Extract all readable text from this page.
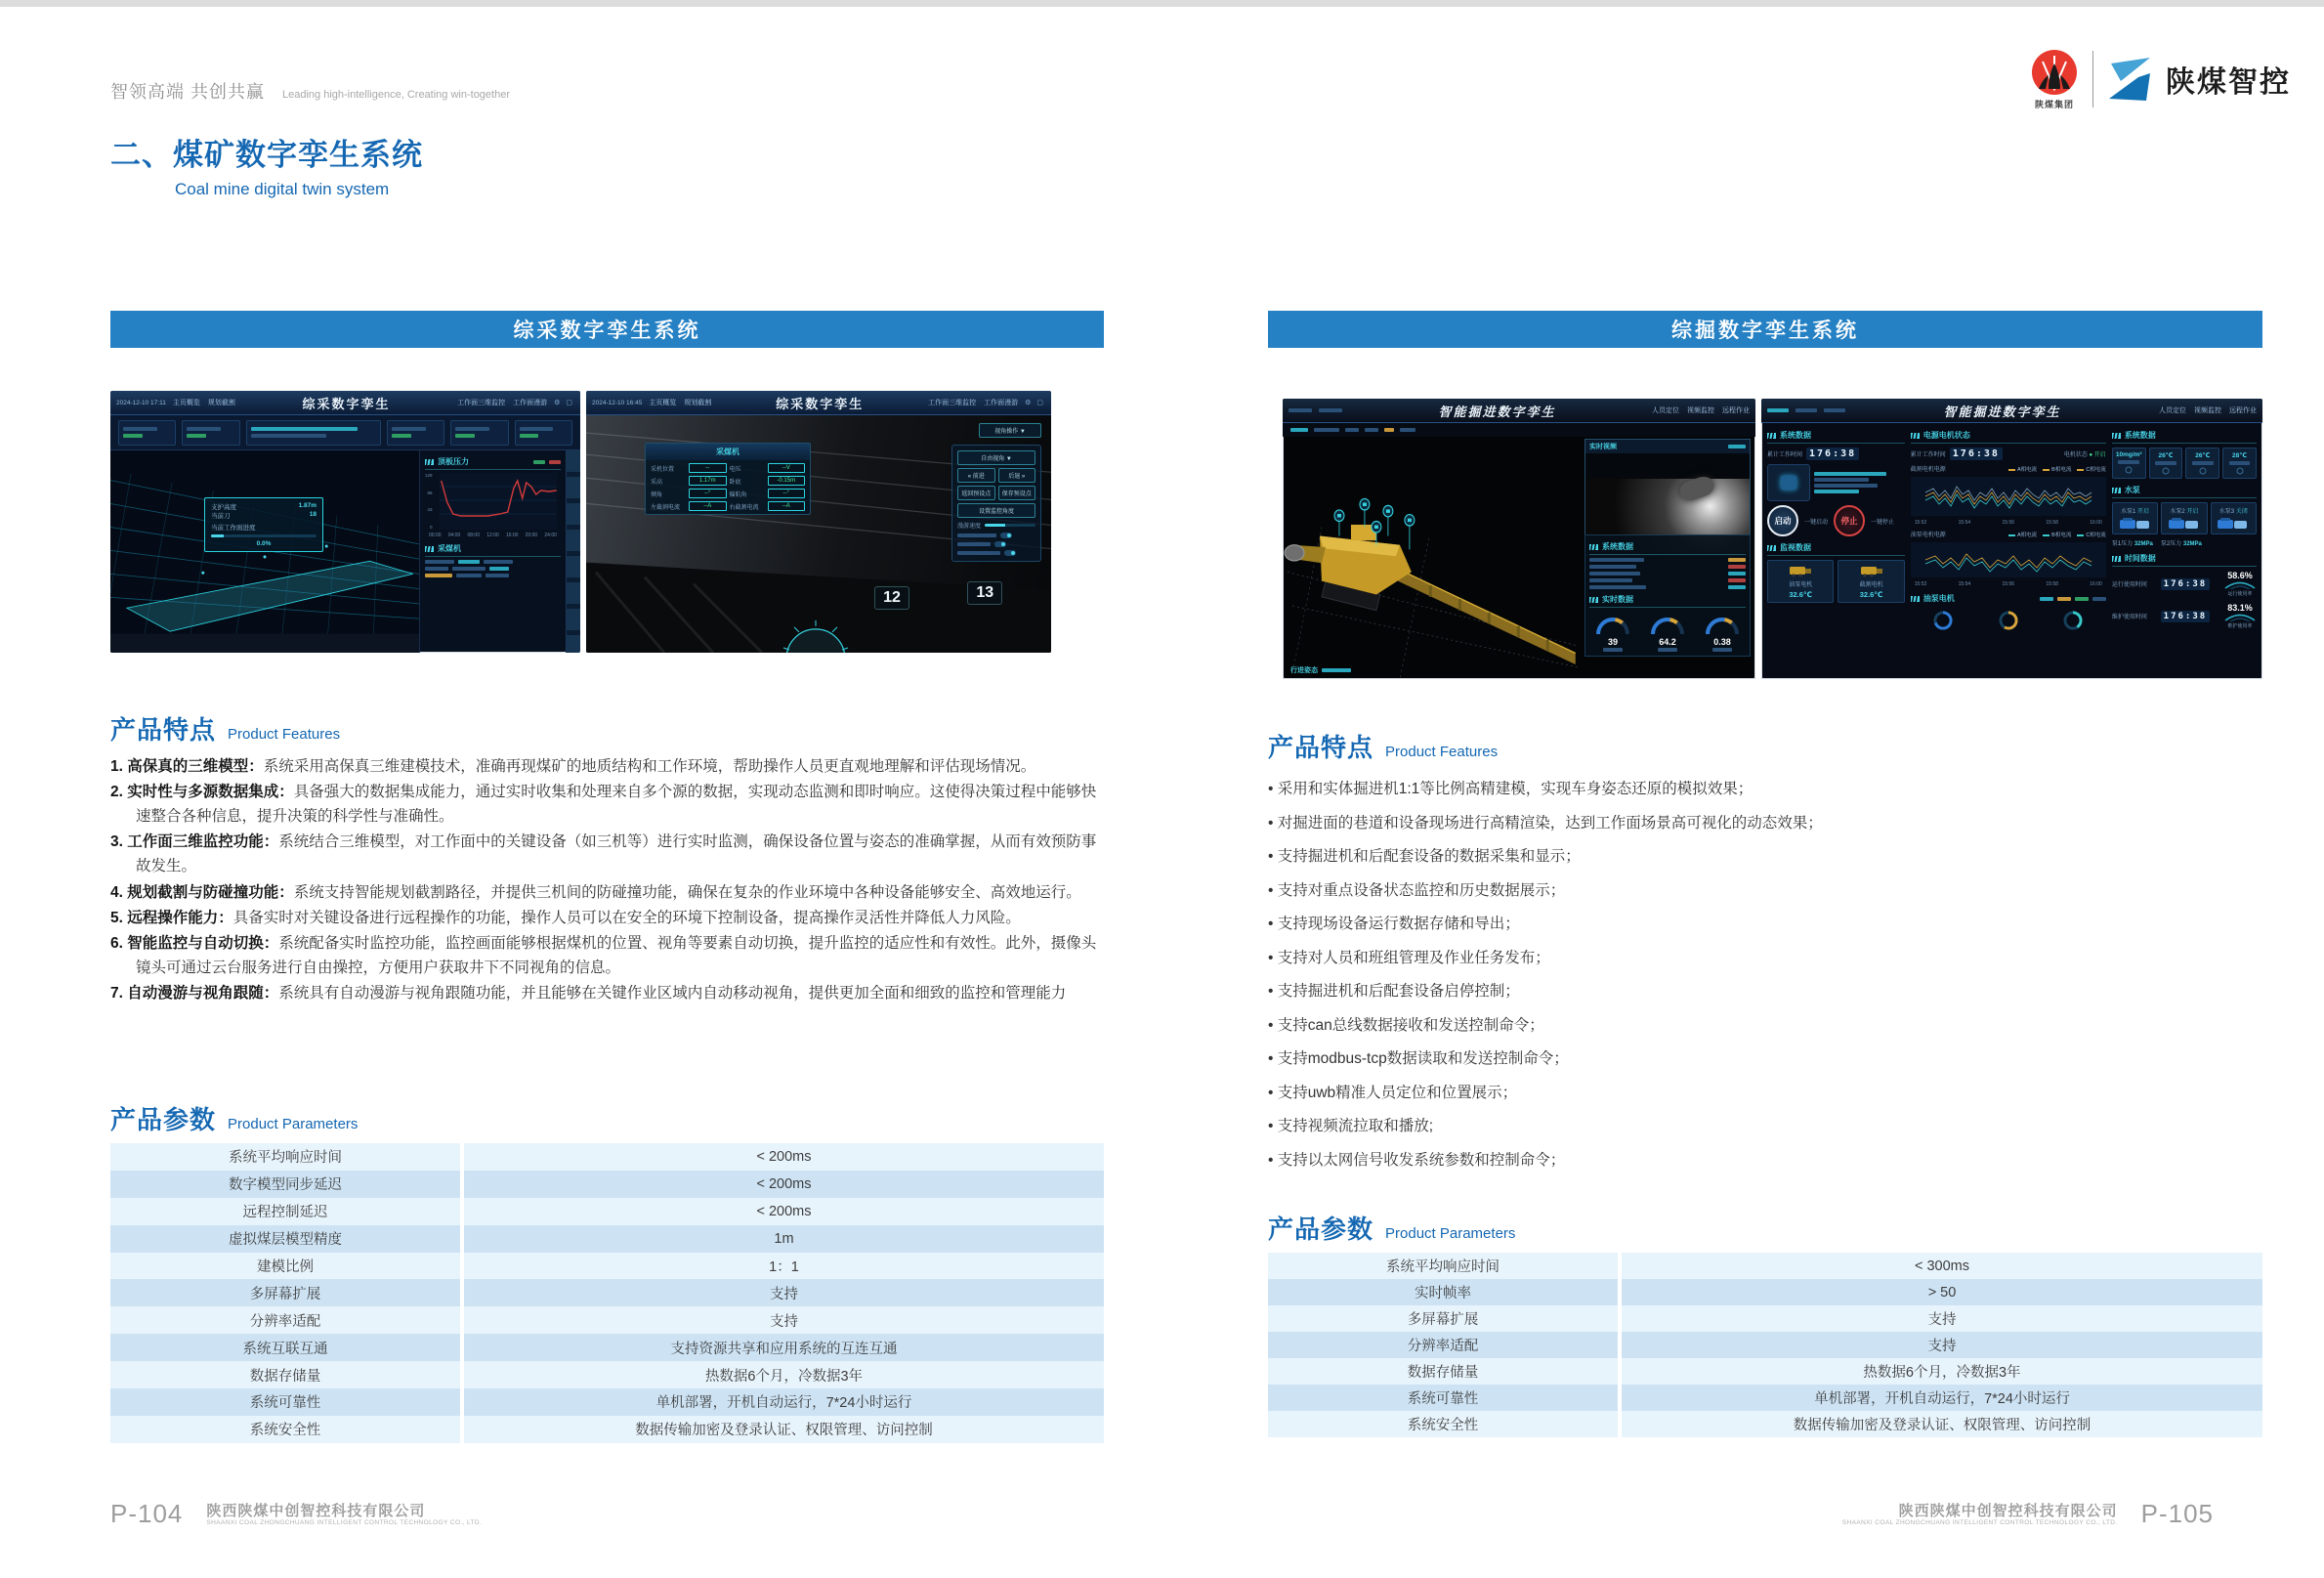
智领高端 共创共赢 Leading high-intelligence, Creating win-together
陕煤集团
陕煤智控
二、煤矿数字孪生系统
Coal mine digital twin system
综采数字孪生系统
2024-12-10 17:11 主页概览 规划截割	综采数字孪生	工作面三维监控 工作面漫游 ⚙ ▢
支护高度	1.87m
当前刀	18
当前工作面进度
0.0%
顶板压力
129
86
43
0
00:00 04:00 08:00 12:00 16:00 20:00 24:00
采煤机
2024-12-10 16:45 主页概览 规划截割	综采数字孪生	工作面三维监控 工作面漫游 ⚙ ▢
采煤机
采机位置	--	电压	--V
采高	1.17m	卧底	-0.15m
倾角	--°	偏航角	--°
左截割电流	--A	右截割电流	--A
视角操作 ▼
自由视角 ▼
« 前进	后退 »
返回预设点	保存预设点
设置监控角度
漫游速度
12	13
产品特点 Product Features

1. 高保真的三维模型：系统采用高保真三维建模技术，准确再现煤矿的地质结构和工作环境，帮助操作人员更直观地理解和评估现场情况。

2. 实时性与多源数据集成：具备强大的数据集成能力，通过实时收集和处理来自多个源的数据，实现动态监测和即时响应。这使得决策过程中能够快速整合各种信息，提升决策的科学性与准确性。

3. 工作面三维监控功能：系统结合三维模型，对工作面中的关键设备（如三机等）进行实时监测，确保设备位置与姿态的准确掌握，从而有效预防事故发生。

4. 规划截割与防碰撞功能：系统支持智能规划截割路径，并提供三机间的防碰撞功能，确保在复杂的作业环境中各种设备能够安全、高效地运行。

5. 远程操作能力：具备实时对关键设备进行远程操作的功能，操作人员可以在安全的环境下控制设备，提高操作灵活性并降低人力风险。

6. 智能监控与自动切换：系统配备实时监控功能，监控画面能够根据煤机的位置、视角等要素自动切换，提升监控的适应性和有效性。此外，摄像头镜头可通过云台服务进行自由操控，方便用户获取井下不同视角的信息。

7. 自动漫游与视角跟随：系统具有自动漫游与视角跟随功能，并且能够在关键作业区域内自动移动视角，提供更加全面和细致的监控和管理能力

产品参数 Product Parameters
系统平均响应时间	< 200ms
数字模型同步延迟	< 200ms
远程控制延迟	< 200ms
虚拟煤层模型精度	1m
建模比例	1：1
多屏幕扩展	支持
分辨率适配	支持
系统互联互通	支持资源共享和应用系统的互连互通
数据存储量	热数据6个月，冷数据3年
系统可靠性	单机部署，开机自动运行，7*24小时运行
系统安全性	数据传输加密及登录认证、权限管理、访问控制
综掘数字孪生系统
智能掘进数字孪生	人员定位 视频监控 远程作业
实时视频
系统数据
实时数据
39	64.2	0.38
行进姿态
智能掘进数字孪生	人员定位 视频监控 远程作业
系统数据
累计工作时间 176:38
启动	一键启动	停止	一键停止
监视数据
油泵电机
32.6℃
截割电机
32.6℃
电源电机状态
累计工作时间 176:38	电机状态 ● 开启
截割电机电源	A相电流	B相电流	C相电流
15:52	15:54	15:56	15:58	16:00
油泵电机电源	A相电流	B相电流	C相电流
15:52	15:54	15:56	15:58	16:00
油泵电机
系统数据
10mg/m³	26℃	26℃	28℃
水泵
水泵1 开启	水泵2 开启	水泵3 关闭
泵1压力 32MPa 泵2压力 32MPa
时间数据
运行使用时间	176:38
58.6%
运行使用率
维护使用时间	176:38
83.1%
维护使用率
产品特点 Product Features

• 采用和实体掘进机1:1等比例高精建模，实现车身姿态还原的模拟效果；

• 对掘进面的巷道和设备现场进行高精渲染，达到工作面场景高可视化的动态效果；

• 支持掘进机和后配套设备的数据采集和显示；

• 支持对重点设备状态监控和历史数据展示；

• 支持现场设备运行数据存储和导出；

• 支持对人员和班组管理及作业任务发布；

• 支持掘进机和后配套设备启停控制；

• 支持can总线数据接收和发送控制命令；

• 支持modbus-tcp数据读取和发送控制命令；

• 支持uwb精准人员定位和位置展示；

• 支持视频流拉取和播放;

• 支持以太网信号收发系统参数和控制命令；

产品参数 Product Parameters
系统平均响应时间	< 300ms
实时帧率	> 50
多屏幕扩展	支持
分辨率适配	支持
数据存储量	热数据6个月，冷数据3年
系统可靠性	单机部署，开机自动运行，7*24小时运行
系统安全性	数据传输加密及登录认证、权限管理、访问控制
P-104 陕西陕煤中创智控科技有限公司
SHAANXI COAL ZHONGCHUANG INTELLIGENT CONTROL TECHNOLOGY CO., LTD.
陕西陕煤中创智控科技有限公司
SHAANXI COAL ZHONGCHUANG INTELLIGENT CONTROL TECHNOLOGY CO., LTD. P-105
